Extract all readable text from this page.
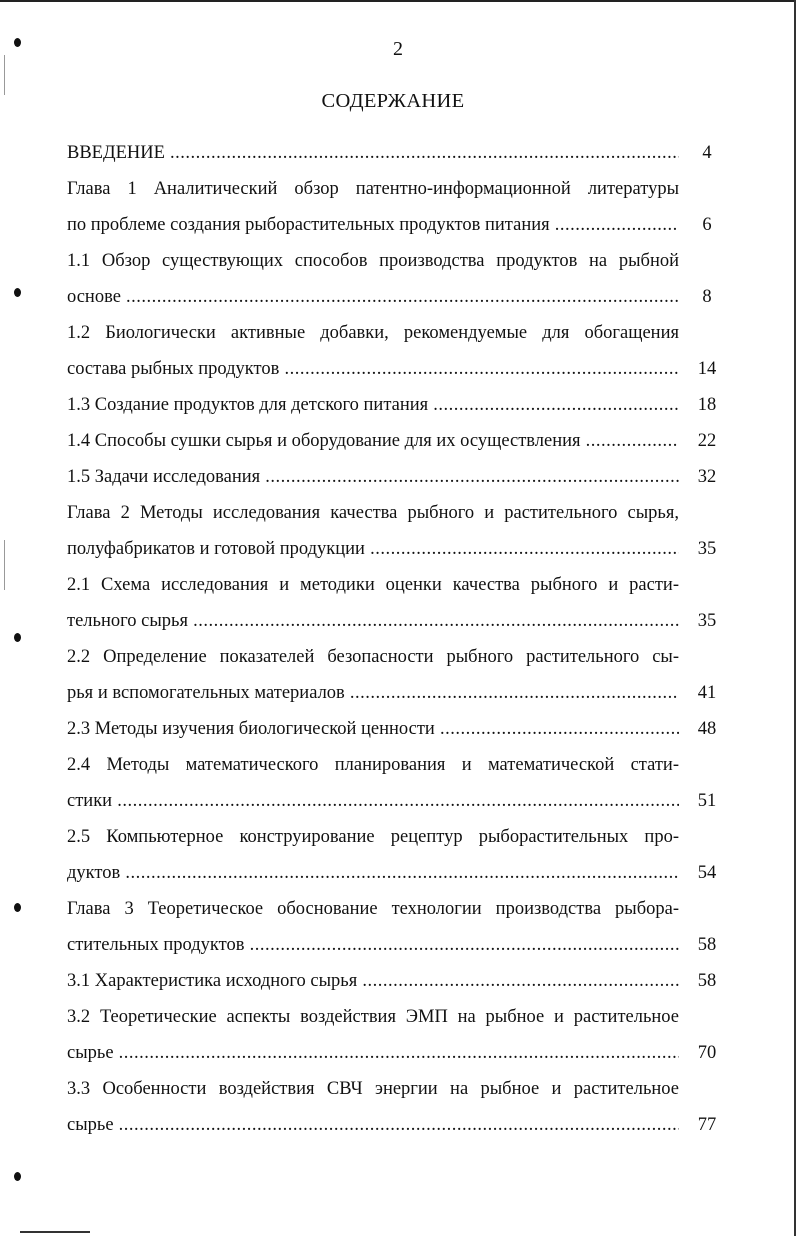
2
СОДЕРЖАНИЕ
ВВЕДЕНИЕ .....	4
Глава 1 Аналитический обзор патентно-информационной литературы
по проблеме создания рыборастительных продуктов питания .....	6
1.1 Обзор существующих способов производства продуктов на рыбной
основе .....	8
1.2 Биологически активные добавки, рекомендуемые для обогащения
состава рыбных продуктов .....	14
1.3 Создание продуктов для детского питания .....	18
1.4 Способы сушки сырья и оборудование для их осуществления .....	22
1.5 Задачи исследования .....	32
Глава 2 Методы исследования качества рыбного и растительного сырья,
полуфабрикатов и готовой продукции .....	35
2.1 Схема исследования и методики оценки качества рыбного и расти-
тельного сырья .....	35
2.2 Определение показателей безопасности рыбного растительного сы-
рья и вспомогательных материалов .....	41
2.3 Методы изучения биологической ценности .....	48
2.4 Методы математического планирования и математической стати-
стики .....	51
2.5 Компьютерное конструирование рецептур рыборастительных про-
дуктов .....	54
Глава 3 Теоретическое обоснование технологии производства рыбора-
стительных продуктов .....	58
3.1 Характеристика исходного сырья .....	58
3.2 Теоретические аспекты воздействия ЭМП на рыбное и растительное
сырье .....	70
3.3 Особенности воздействия СВЧ энергии на рыбное и растительное
сырье .....	77
